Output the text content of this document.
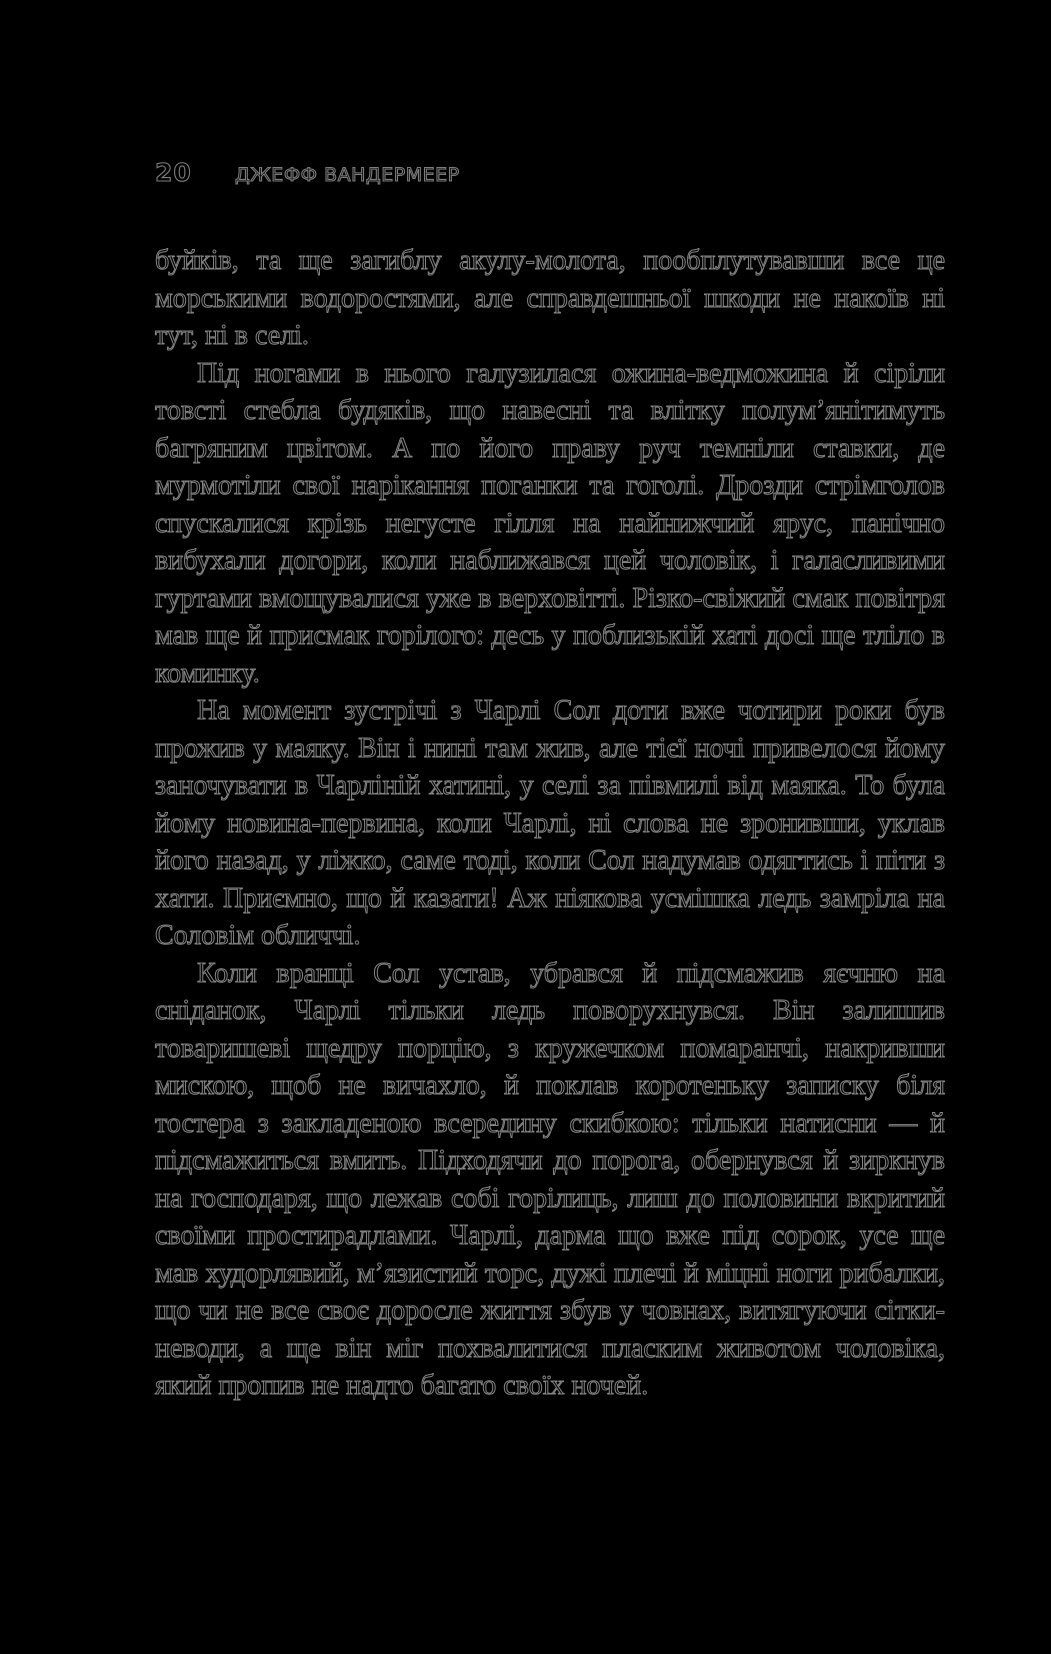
20	ДЖЕФФ ВАНДЕРМЕЕР

буйків, та ще загиблу акулу-молота, пообплутувавши все це морськими водоростями, але справдешньої шкоди не накоїв ні тут, ні в селі.

Під ногами в нього галузилася ожина-ведможина й сіріли товсті стебла будяків, що навесні та влітку полум’янітимуть багряним цвітом. А по його праву руч темніли ставки, де мурмотіли свої нарікання поганки та гоголі. Дрозди стрімголов спускалися крізь негусте гілля на найнижчий ярус, панічно вибухали догори, коли наближався цей чоловік, і галасливими гуртами вмощувалися уже в верховітті. Різко-свіжий смак повітря мав ще й присмак горілого: десь у поблизькій хаті досі ще тліло в коминку.

На момент зустрічі з Чарлі Сол доти вже чотири роки був прожив у маяку. Він і нині там жив, але тієї ночі привелося йому заночувати в Чарліній хатині, у селі за півмилі від маяка. То була йому новина-первина, коли Чарлі, ні слова не зронивши, уклав його назад, у ліжко, саме тоді, коли Сол надумав одягтись і піти з хати. Приємно, що й казати! Аж ніякова усмішка ледь замріла на Соловім обличчі.

Коли вранці Сол устав, убрався й підсмажив яєчню на сніданок, Чарлі тільки ледь поворухнувся. Він залишив товаришеві щедру порцію, з кружечком помаранчі, накривши мискою, щоб не вичахло, й поклав коротеньку записку біля тостера з закладеною всередину скибкою: тільки натисни — й підсмажиться вмить. Підходячи до порога, обернувся й зиркнув на господаря, що лежав собі горілиць, лиш до половини вкритий своїми простирадлами. Чарлі, дарма що вже під сорок, усе ще мав худорлявий, м’язистий торс, дужі плечі й міцні ноги рибалки, що чи не все своє доросле життя збув у човнах, витягуючи сітки-неводи, а ще він міг похвалитися пласким животом чоловіка, який пропив не надто багато своїх ночей.
